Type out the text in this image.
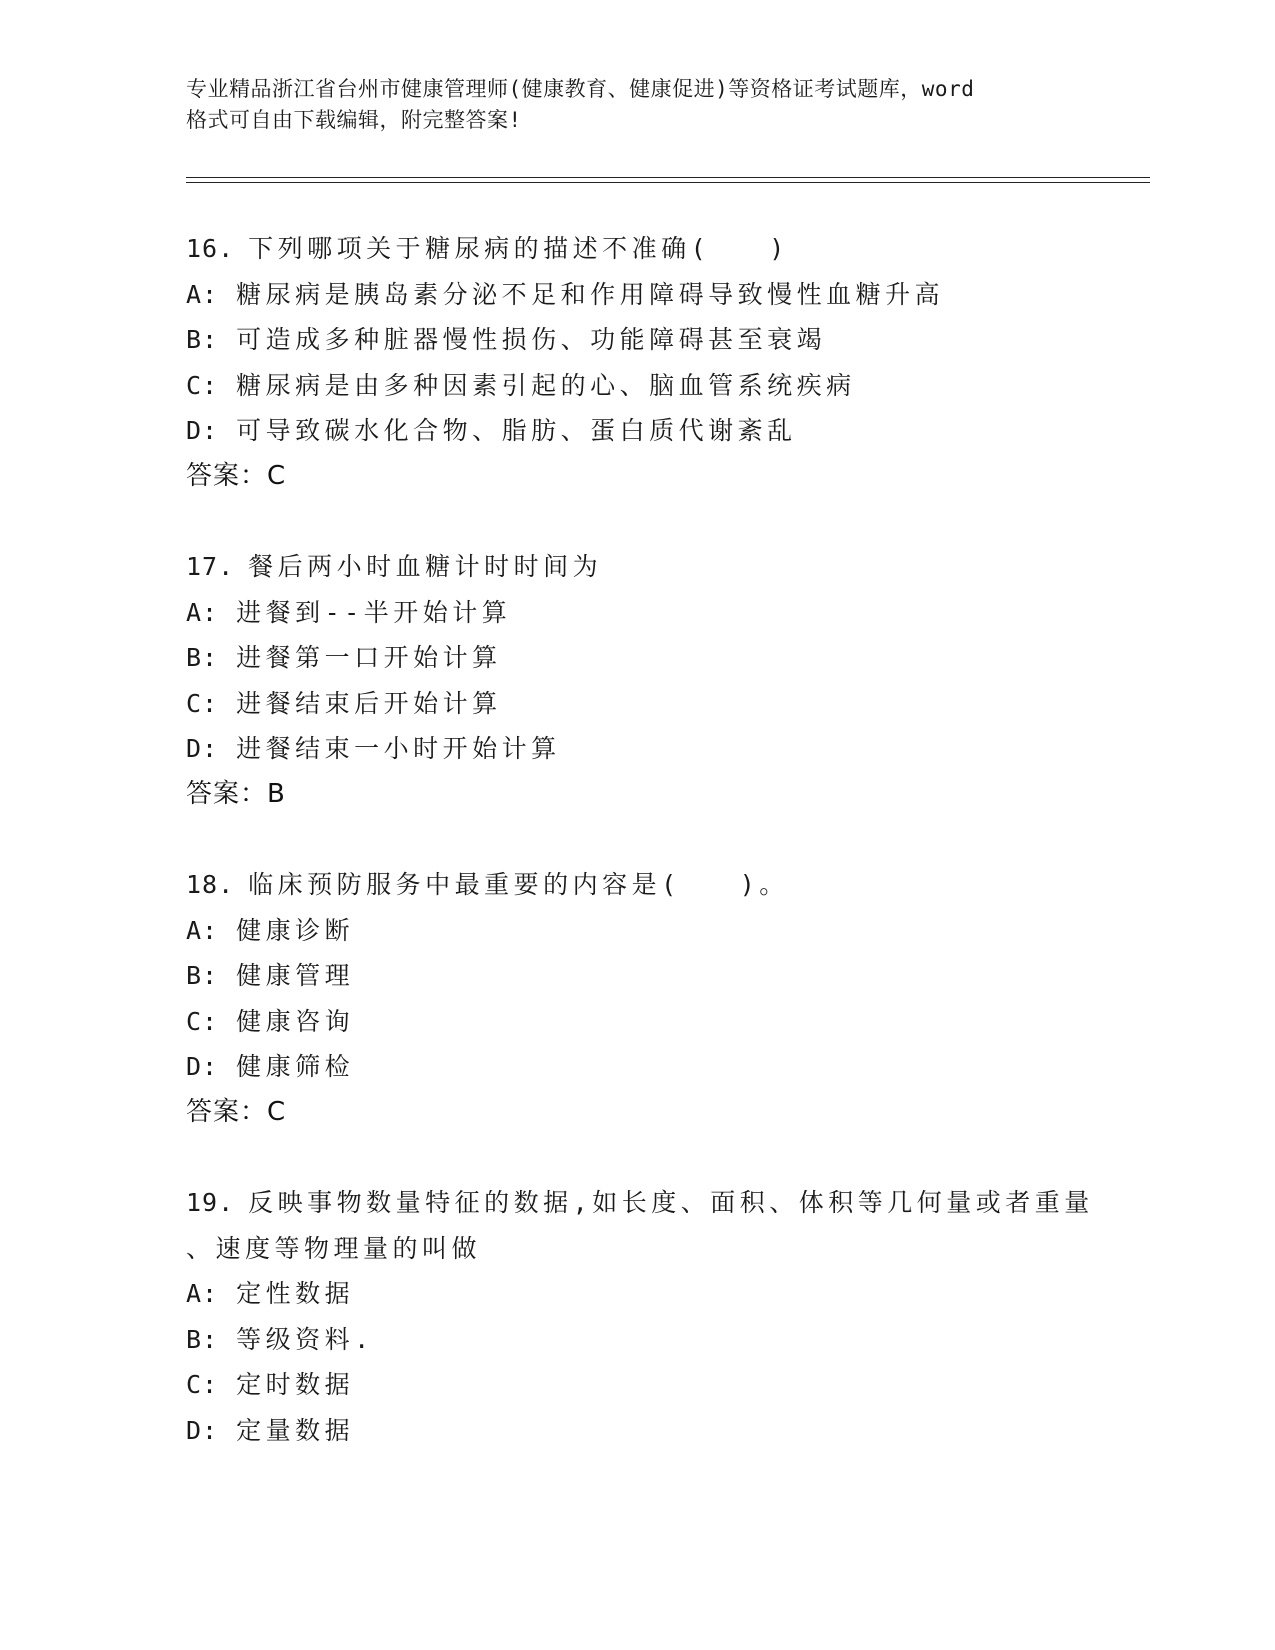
专业精品浙江省台州市健康管理师(健康教育、健康促进)等资格证考试题库，word
格式可自由下载编辑，附完整答案!
16. 下列哪项关于糖尿病的描述不准确(　　)
A: 糖尿病是胰岛素分泌不足和作用障碍导致慢性血糖升高
B: 可造成多种脏器慢性损伤、功能障碍甚至衰竭
C: 糖尿病是由多种因素引起的心、脑血管系统疾病
D: 可导致碳水化合物、脂肪、蛋白质代谢紊乱
答案：C
17. 餐后两小时血糖计时时间为
A: 进餐到--半开始计算
B: 进餐第一口开始计算
C: 进餐结束后开始计算
D: 进餐结束一小时开始计算
答案：B
18. 临床预防服务中最重要的内容是(　　)。
A: 健康诊断
B: 健康管理
C: 健康咨询
D: 健康筛检
答案：C
19. 反映事物数量特征的数据,如长度、面积、体积等几何量或者重量
、速度等物理量的叫做
A: 定性数据
B: 等级资料.
C: 定时数据
D: 定量数据
